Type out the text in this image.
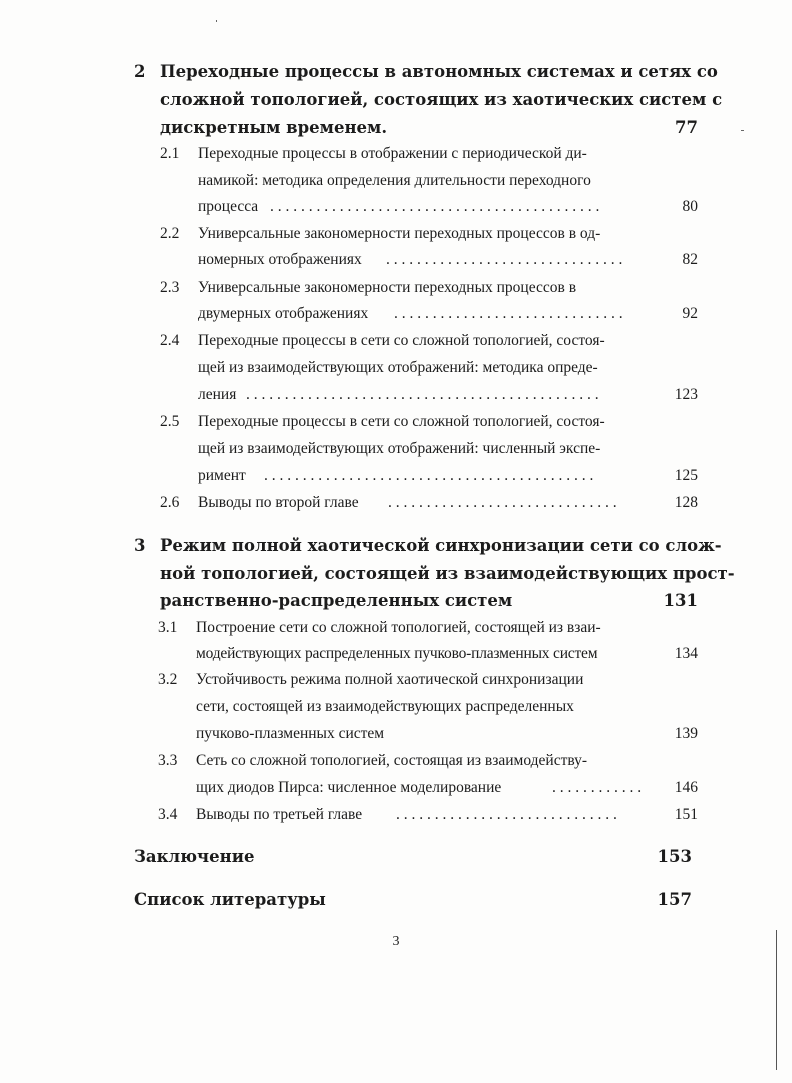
2 Переходные процессы в автономных системах и сетях со
сложной топологией, состоящих из хаотических систем с
дискретным временем.	77
2.1 Переходные процессы в отображении с периодической ди-
намикой: методика определения длительности переходного
процесса . . . . . . . . . . . . . . . . . . . . . . . . . . . . . . . . . . . . . . . . . . .	80
2.2 Универсальные закономерности переходных процессов в од-
номерных отображениях . . . . . . . . . . . . . . . . . . . . . . . . . . . . . . .	82
2.3 Универсальные закономерности переходных процессов в
двумерных отображениях . . . . . . . . . . . . . . . . . . . . . . . . . . . . . .	92
2.4 Переходные процессы в сети со сложной топологией, состоя-
щей из взаимодействующих отображений: методика опреде-
ления . . . . . . . . . . . . . . . . . . . . . . . . . . . . . . . . . . . . . . . . . . . . . .	123
2.5 Переходные процессы в сети со сложной топологией, состоя-
щей из взаимодействующих отображений: численный экспе-
римент . . . . . . . . . . . . . . . . . . . . . . . . . . . . . . . . . . . . . . . . . . .	125
2.6 Выводы по второй главе . . . . . . . . . . . . . . . . . . . . . . . . . . . . . .	128
3 Режим полной хаотической синхронизации сети со слож-
ной топологией, состоящей из взаимодействующих прост-
ранственно-распределенных систем	131
3.1 Построение сети со сложной топологией, состоящей из взаи-
модействующих распределенных пучково-плазменных систем	134
3.2 Устойчивость режима полной хаотической синхронизации
сети, состоящей из взаимодействующих распределенных
пучково-плазменных систем	139
3.3 Сеть со сложной топологией, состоящая из взаимодейству-
щих диодов Пирса: численное моделирование	. . . . . . . . . . . .	146
3.4 Выводы по третьей главе . . . . . . . . . . . . . . . . . . . . . . . . . . . . .	151
Заключение	153
Список литературы	157
3
